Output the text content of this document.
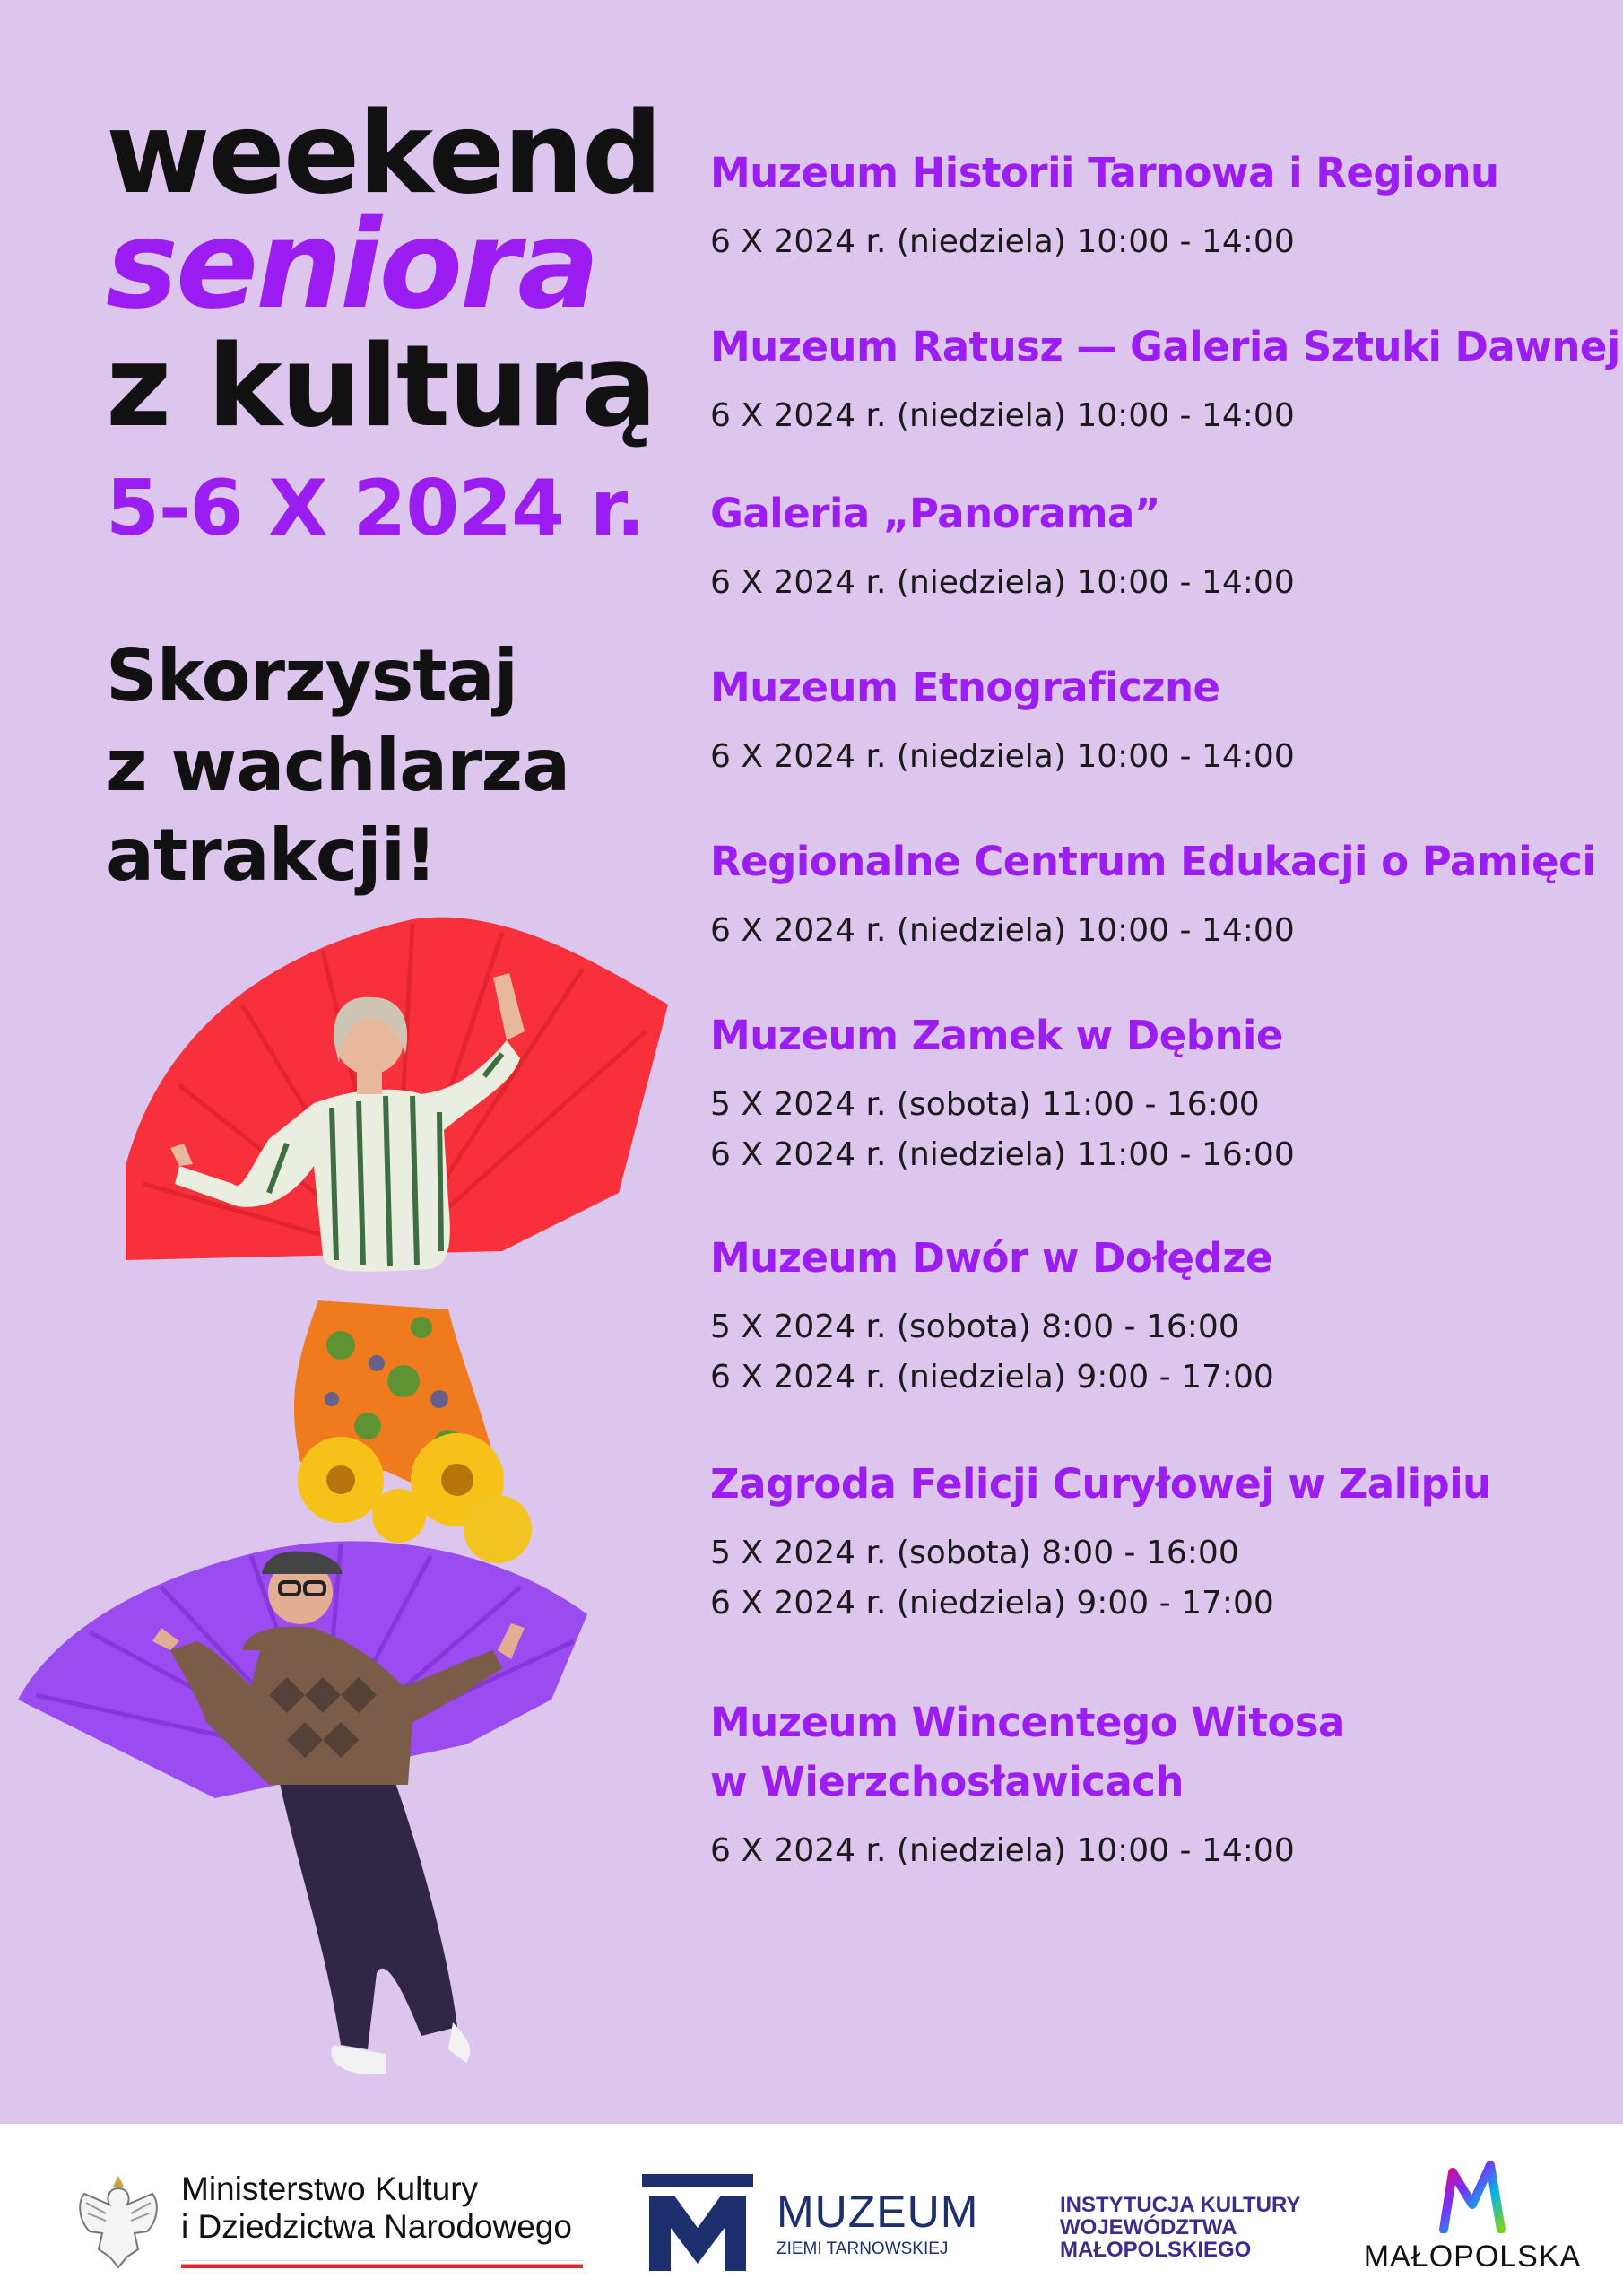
weekend
seniora
z kulturą
5-6 X 2024 r.
Skorzystaj
z wachlarza
atrakcji!
Muzeum Historii Tarnowa i Regionu
6 X 2024 r. (niedziela) 10:00 - 14:00
Muzeum Ratusz — Galeria Sztuki Dawnej
6 X 2024 r. (niedziela) 10:00 - 14:00
Galeria „Panorama”
6 X 2024 r. (niedziela) 10:00 - 14:00
Muzeum Etnograficzne
6 X 2024 r. (niedziela) 10:00 - 14:00
Regionalne Centrum Edukacji o Pamięci
6 X 2024 r. (niedziela) 10:00 - 14:00
Muzeum Zamek w Dębnie
5 X 2024 r. (sobota) 11:00 - 16:00
6 X 2024 r. (niedziela) 11:00 - 16:00
Muzeum Dwór w Dołędze
5 X 2024 r. (sobota) 8:00 - 16:00
6 X 2024 r. (niedziela) 9:00 - 17:00
Zagroda Felicji Curyłowej w Zalipiu
5 X 2024 r. (sobota) 8:00 - 16:00
6 X 2024 r. (niedziela) 9:00 - 17:00
Muzeum Wincentego Witosa
w Wierzchosławicach
6 X 2024 r. (niedziela) 10:00 - 14:00
Ministerstwo Kultury
i Dziedzictwa Narodowego	MUZEUM
ZIEMI TARNOWSKIEJ
INSTYTUCJA KULTURY
WOJEWÓDZTWA
MAŁOPOLSKIEGO	MAŁOPOLSKA
